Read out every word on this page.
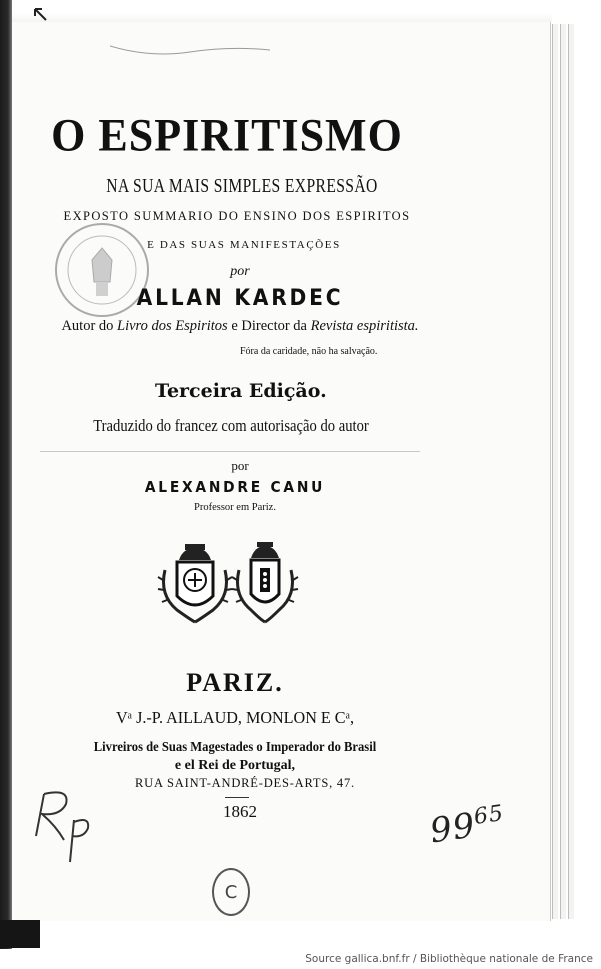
O ESPIRITISMO
NA SUA MAIS SIMPLES EXPRESSÃO
EXPOSTO SUMMARIO DO ENSINO DOS ESPIRITOS
E DAS SUAS MANIFESTAÇÕES
por
ALLAN KARDEC
Autor do Livro dos Espiritos e Director da Revista espiritista.
Fóra da caridade, não ha salvação.
Terceira Edição.
Traduzido do francez com autorisação do autor
por
ALEXANDRE CANU
Professor em Pariz.
PARIZ.
Vᵃ J.-P. AILLAUD, MONLON E Cᵃ,
Livreiros de Suas Magestades o Imperador do Brasil
e el Rei de Portugal,
RUA SAINT-ANDRÉ-DES-ARTS, 47.
1862	$99^{65}$
C
Source gallica.bnf.fr / Bibliothèque nationale de France
